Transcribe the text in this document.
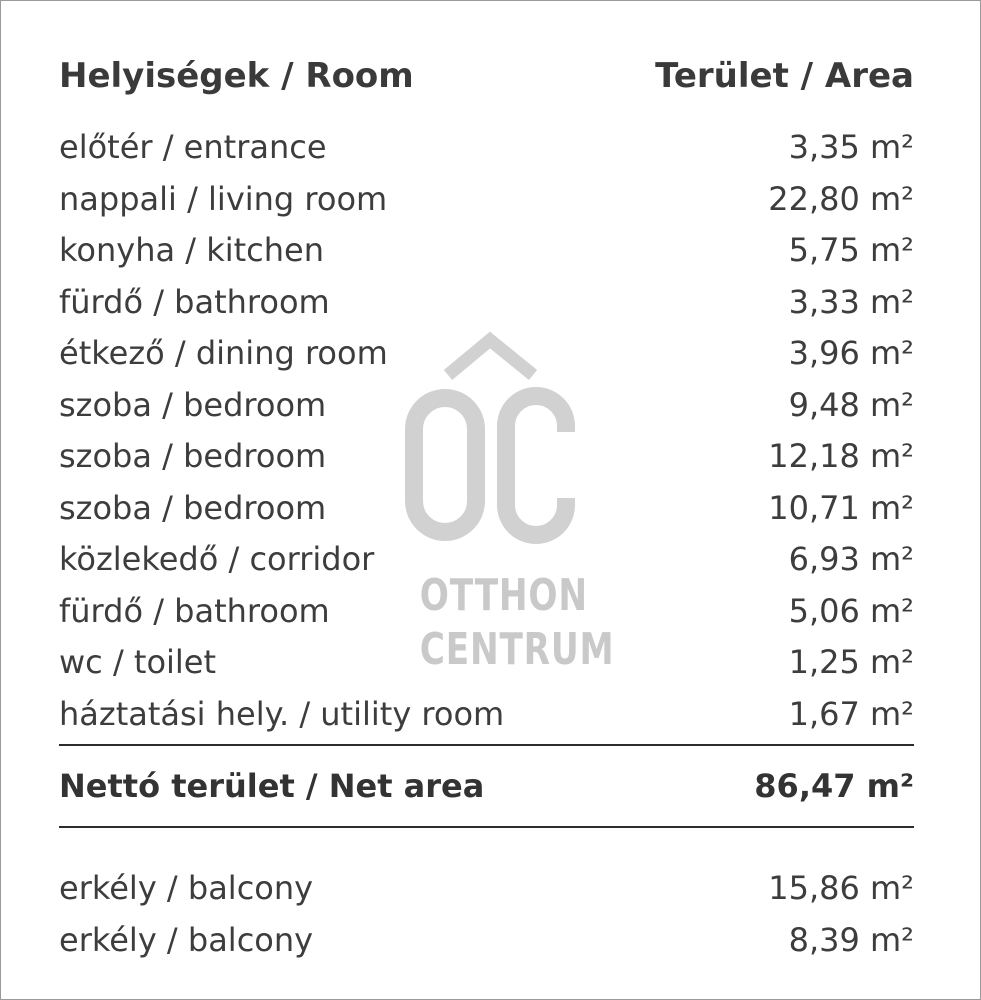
Helyiségek / Room	Terület / Area
előtér / entrance	3,35 m²
nappali / living room	22,80 m²
konyha / kitchen	5,75 m²
fürdő / bathroom	3,33 m²
étkező / dining room	3,96 m²
szoba / bedroom	9,48 m²
szoba / bedroom	12,18 m²
szoba / bedroom	10,71 m²
közlekedő / corridor	6,93 m²
fürdő / bathroom	5,06 m²
wc / toilet	1,25 m²
háztatási hely. / utility room	1,67 m²
Nettó terület / Net area	86,47 m²
erkély / balcony	15,86 m²
erkély / balcony	8,39 m²
OTTHON
CENTRUM
